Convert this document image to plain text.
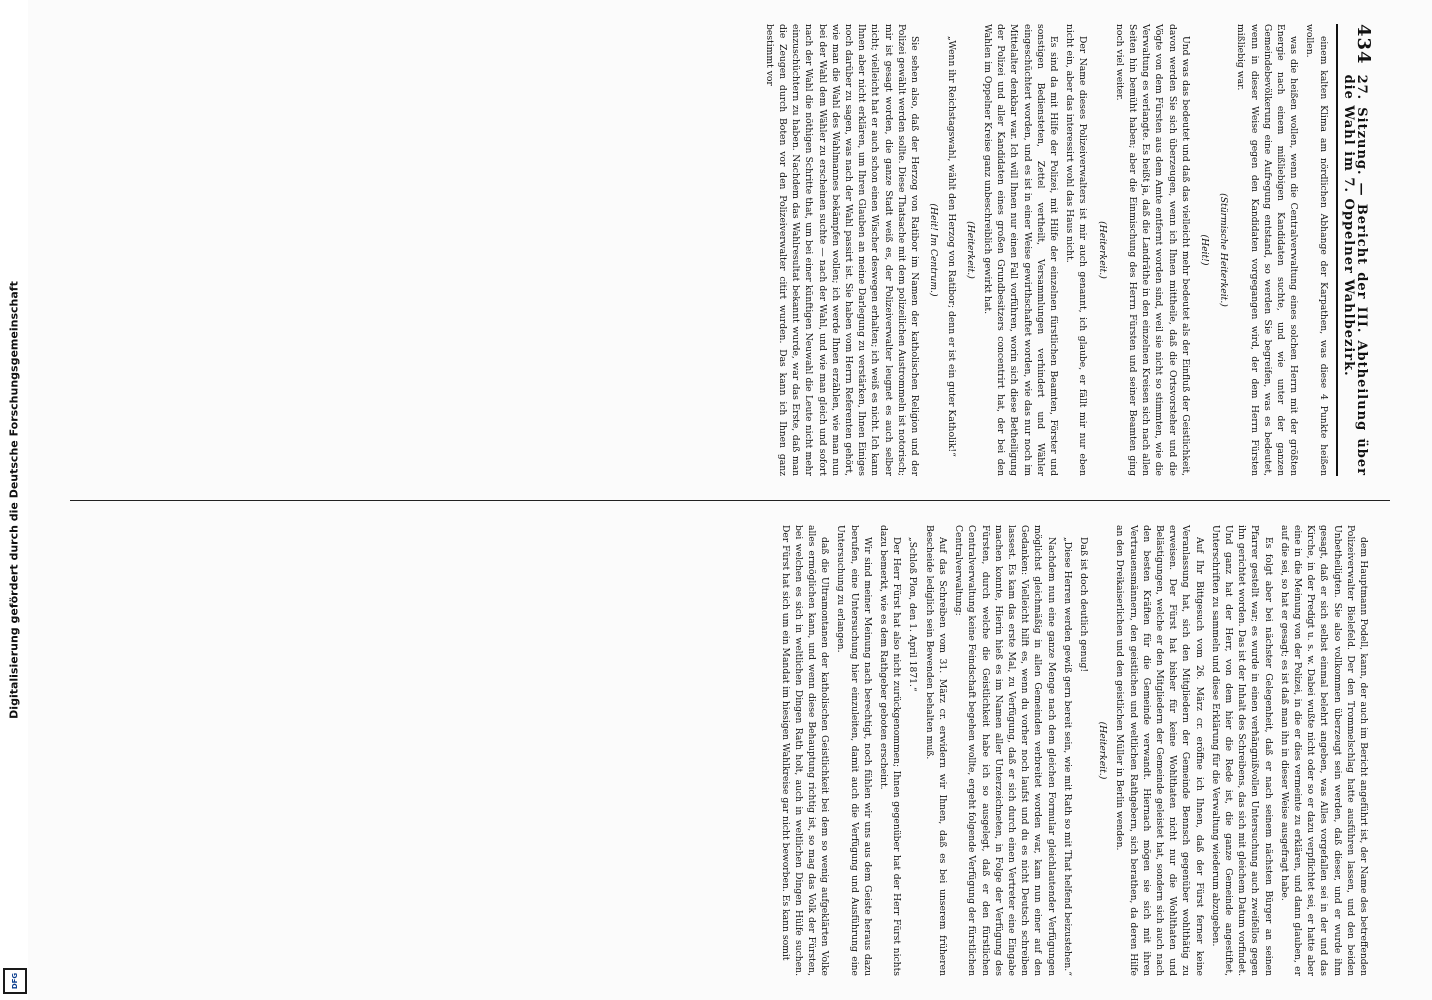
Digitalisierung gefördert durch die Deutsche Forschungsgemeinschaft
DFG
434
27. Sitzung. — Bericht der III. Abtheilung über die Wahl im 7. Oppelner Wahlbezirk.

einem kalten Klima am nördlichen Abhange der Karpathen, was diese 4 Punkte heißen wollen.

was die heißen wollen, wenn die Centralverwaltung eines solchen Herrn mit der größten Energie nach einem mißliebigen Kandidaten suchte, und wie unter der ganzen Gemeindebevölkerung eine Aufregung entstand, so werden Sie begreifen, was es bedeutet, wenn in dieser Weise gegen den Kandidaten vorgegangen wird, der dem Herrn Fürsten mißliebig war.

(Stürmische Heiterkeit.)

(Heit!)

Und was das bedeutet und daß das vielleicht mehr bedeutet als der Einfluß der Geistlichkeit, davon werden Sie sich überzeugen, wenn ich Ihnen mittheile, daß die Ortsvorsteher und die Vögte von dem Fürsten aus dem Amte entfernt worden sind, weil sie nicht so stimmten, wie die Verwaltung es verlangte. Es heißt ja, daß die Landräthe in den einzelnen Kreisen sich nach allen Seiten hin bemüht haben; aber die Einmischung des Herrn Fürsten und seiner Beamten ging noch viel weiter.

(Heiterkeit.)

Der Name dieses Polizeiverwalters ist mir auch genannt, ich glaube, er fällt mir nur eben nicht ein, aber das interessirt wohl das Haus nicht.

Es sind da mit Hilfe der Polizei, mit Hilfe der einzelnen fürstlichen Beamten, Förster und sonstigen Bediensteten, Zettel vertheilt, Versammlungen verhindert und Wähler eingeschüchtert worden, und es ist in einer Weise gewirthschaftet worden, wie das nur noch im Mittelalter denkbar war. Ich will Ihnen nur einen Fall vorführen, worin sich diese Betheiligung der Polizei und aller Kandidaten eines großen Grundbesitzers concentrirt hat, der bei den Wahlen im Oppelner Kreise ganz unbeschreiblich gewirkt hat.

(Heiterkeit.)

„Wenn ihr Reichstagswahl, wählt den Herzog von Ratibor; denn er ist ein guter Katholik!“

(Heit! Im Centrum.)

Sie sehen also, daß der Herzog von Ratibor im Namen der katholischen Religion und der Polizei gewählt werden sollte. Diese Thatsache mit dem polizeilichen Austrommeln ist notorisch; mir ist gesagt worden, die ganze Stadt weiß es, der Polizeiverwalter leugnet es auch selber nicht; vielleicht hat er auch schon einen Wischer deswegen erhalten; ich weiß es nicht. Ich kann Ihnen aber nicht erklären, um Ihren Glauben an meine Darlegung zu verstärken, Ihnen Einiges noch darüber zu sagen, was nach der Wahl passirt ist. Sie haben vom Herrn Referenten gehört, wie man die Wahl des Wahlmannes bekämpfen wollen; ich werde Ihnen erzählen, wie man nun bei der Wahl dem Wähler zu erscheinen suchte — nach der Wahl, und wie man gleich und sofort nach der Wahl die nöthigen Schritte that, um bei einer künftigen Neuwahl die Leute nicht mehr einzuschüchtern zu haben. Nachdem das Wahlresultat bekannt wurde, war das Erste, daß man die Zeugen durch Boten vor den Polizeiverwalter citirt wurden. Das kann ich Ihnen ganz bestimmt vor

dem Hauptmann Podell, kann, der auch im Bericht angeführt ist, der Name des betreffenden Polizeiverwalter Bielefeld. Der den Trommelschlag hatte ausführen lassen, und den beiden Unbetheiligten. Sie also vollkommen überzeugt sein werden, daß dieser, und er wurde ihm gesagt, daß er sich selbst einmal belehrt angeben, was Alles vorgefallen sei in der und das Kirche, in der Predigt u. s. w. Dabei wußte nicht oder so er dazu verpflichtet sei, er hatte aber eine in die Meinung von der Polizei, in die er dies vermeinte zu erklären, und dann glauben, er auf die sei, so hat er gesagt; es ist daß man ihn in dieser Weise ausgefragt habe.

Es folgt aber bei nächster Gelegenheit, daß er nach seinem nächsten Bürger an seinen Pfarrer gestellt war; es wurde in einen verhängnißvollen Untersuchung auch zweifellos gegen ihn gerichtet worden. Das ist der Inhalt des Schreibens, das sich mit gleichem Datum vorfindet. Und ganz hat der Herr, von dem hier die Rede ist, die ganze Gemeinde angestiftet, Unterschriften zu sammeln und diese Erklärung für die Verwaltung wiederum abzugeben.

Auf Ihr Bittgesuch vom 26. März cr. eröffne ich Ihnen, daß der Fürst ferner keine Veranlassung hat, sich den Mitgliedern der Gemeinde Bennsch gegenüber wohlthätig zu erweisen. Der Fürst hat bisher für keine Wohlthaten nicht nur die Wohlthaten und Belästigungen, welche er den Mitgliedern der Gemeinde geleistet hat, sondern sich auch nach den besten Kräften für die Gemeinde verwandt. Hiernach mögen sie sich mit ihren Vertrauensmännern, den geistlichen und weltlichen Rathgebern, sich berathen, da deren Hilfe an den Dreikaiserlichen und den geistlichen Müller in Berlin wenden.

(Heiterkeit.)

Daß ist doch deutlich genug!

„Diese Herren werden gewiß gern bereit sein, wie mit Rath so mit That helfend beizustehen.“

Nachdem nun eine ganze Menge nach dem gleichen Formular gleichlautender Verfügungen möglichst gleichmäßig in allen Gemeinden verbreitet worden war, kam nun einer auf den Gedanken: Vielleicht hilft es, wenn du vorher noch laufst und du es nicht Deutsch schreiben lassest. Es kam das erste Mal, zu Verfügung, daß er sich durch einen Vertreter eine Eingabe machen konnte, Hierin hieß es im Namen aller Unterzeichneten, in Folge der Verfügung des Fürsten, durch welche die Geistlichkeit habe ich so ausgelegt, daß er den fürstlichen Centralverwaltung keine Feindschaft begehen wollte, ergeht folgende Verfügung der fürstlichen Centralverwaltung:

Auf das Schreiben vom 31. März cr. erwidern wir Ihnen, daß es bei unserem früheren Bescheide lediglich sein Bewenden behalten muß.

„Schloß Plon, den 1. April 1871.“

Der Herr Fürst hat also nicht zurückgenommen; Ihnen gegenüber hat der Herr Fürst nichts dazu bemerkt, wie es dem Rathgeber geboten erscheint.

Wir sind meiner Meinung nach berechtigt, noch fühlen wir uns aus dem Geiste heraus dazu berufen, eine Untersuchung hier einzuleiten, damit auch die Verfügung und Ausführung eine Untersuchung zu erlangen.

daß die Ultramontanen der katholischen Geistlichkeit bei dem so wenig aufgeklärten Volke alles ermöglichen kann, und wenn diese Behauptung richtig ist, so mag das Volk der Fürsten, bei welchen es sich in weltlichen Dingen Rath holt, auch in weltlichen Dingen Hülfe suchen. Der Fürst hat sich um ein Mandat im hiesigen Wahlkreise gar nicht beworben. Es kann somit
